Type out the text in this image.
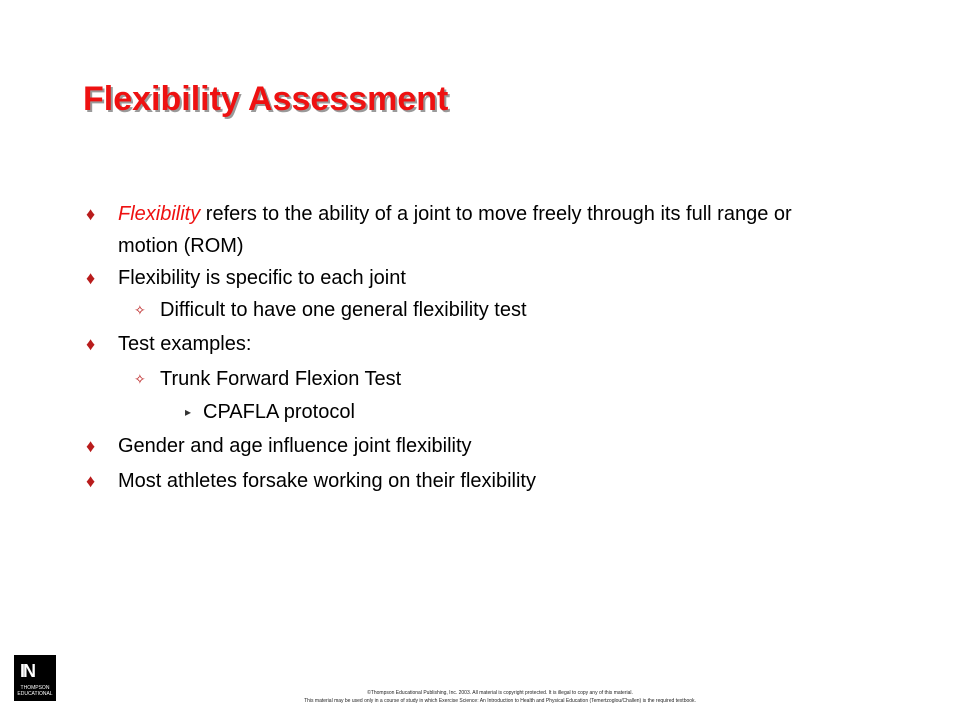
Flexibility Assessment
♦ Flexibility refers to the ability of a joint to move freely through its full range or motion (ROM)
♦ Flexibility is specific to each joint
✧ Difficult to have one general flexibility test
♦ Test examples:
✧ Trunk Forward Flexion Test
▸ CPAFLA protocol
♦ Gender and age influence joint flexibility
♦ Most athletes forsake working on their flexibility
IN
THOMPSON
EDUCATIONAL	©Thompson Educational Publishing, Inc. 2003. All material is copyright protected. It is illegal to copy any of this material.
This material may be used only in a course of study in which Exercise Science: An Introduction to Health and Physical Education (Temertzoglou/Challen) is the required textbook.
